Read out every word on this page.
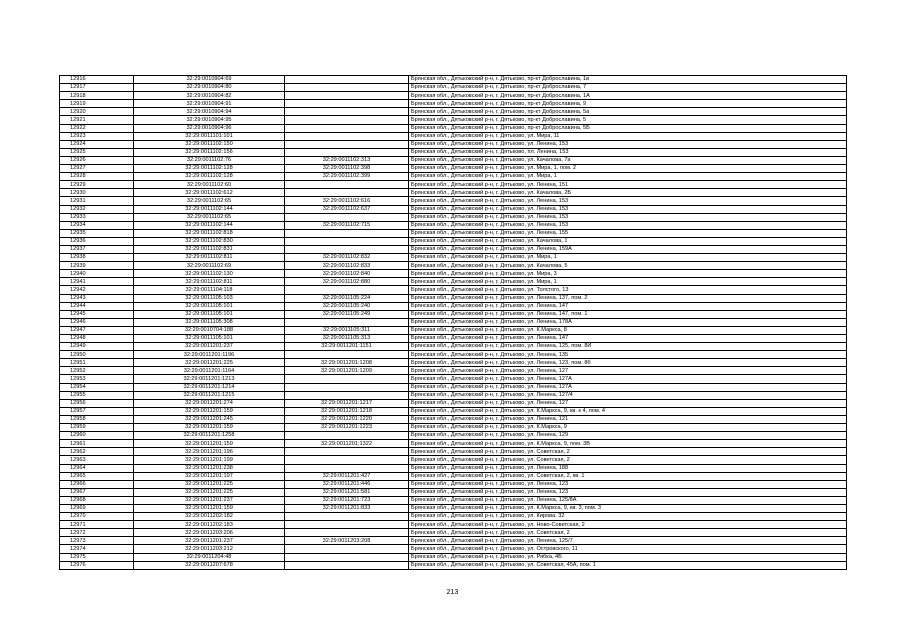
12916	32:29:0010904:69		Брянская обл., Дятьковский р-н, г. Дятьково, пр-кт Доброславина, 1в
12917	32:29:0010904:80		Брянская обл., Дятьковский р-н, г. Дятьково, пр-кт Доброславина, 7
12918	32:29:0010904:82		Брянская обл., Дятьковский р-н, г. Дятьково, пр-кт Доброславина, 1А
12919	32:29:0010904:91		Брянская обл., Дятьковский р-н, г. Дятьково, пр-кт Доброславина, 9
12920	32:29:0010904:94		Брянская обл., Дятьковский р-н, г. Дятьково, пр-кт Доброславина, 5а
12921	32:29:0010904:95		Брянская обл., Дятьковский р-н, г. Дятьково, пр-кт Доброславина, 5
12922	32:29:0010904:96		Брянская обл., Дятьковский р-н, г. Дятьково, пр-кт Доброславина, 5Б
12923	32:29:0011101:101		Брянская обл., Дятьковский р-н, г. Дятьково, ул. Мира, 11
12924	32:29:0011102:150		Брянская обл., Дятьковский р-н, г. Дятьково, ул. Ленина, 153
12925	32:29:0011102:156		Брянская обл., Дятьковский р-н, г. Дятьково, пл. Ленина, 153
12926	32:29:0011102:76	32:29:0011102:313	Брянская обл., Дятьковский р-н, г. Дятьково, ул. Качалова, 7а
12927	32:29:0011102:128	32:29:0011102:398	Брянская обл., Дятьковский р-н, г. Дятьково, ул. Мира, 1, пом. 2
12928	32:29:0011102:128	32:29:0011102:399	Брянская обл., Дятьковский р-н, г. Дятьково, ул. Мира, 1
12929	32:29:0011102:60		Брянская обл., Дятьковский р-н, г. Дятьково, ул. Ленина, 151
12930	32:29:0011102:612		Брянская обл., Дятьковский р-н, г. Дятьково, ул. Качалова, 2Б
12931	32:29:0011102:65	32:29:0011102:616	Брянская обл., Дятьковский р-н, г. Дятьково, ул. Ленина, 153
12932	32:29:0011102:144	32:29:0011102:637	Брянская обл., Дятьковский р-н, г. Дятьково, ул. Ленина, 153
12933	32:29:0011102:65		Брянская обл., Дятьковский р-н, г. Дятьково, ул. Ленина, 153
12934	32:29:0011102:144	32:29:0011102:715	Брянская обл., Дятьковский р-н, г. Дятьково, ул. Ленина, 153
12935	32:29:0011102:818		Брянская обл., Дятьковский р-н, г. Дятьково, ул. Ленина, 155
12936	32:29:0011102:830		Брянская обл., Дятьковский р-н, г. Дятьково, ул. Качалова, 1
12937	32:29:0011102:831		Брянская обл., Дятьковский р-н, г. Дятьково, ул. Ленина, 159А
12938	32:29:0011102:811	32:29:0011102:832	Брянская обл., Дятьковский р-н, г. Дятьково, ул. Мира, 1
12939	32:29:0011102:69	32:29:0011102:833	Брянская обл., Дятьковский р-н, г. Дятьково, ул. Качалова, 5
12940	32:29:0011102:130	32:29:0011102:840	Брянская обл., Дятьковский р-н, г. Дятьково, ул. Мира, 3
12941	32:29:0011102:811	32:29:0011102:880	Брянская обл., Дятьковский р-н, г. Дятьково, ул. Мира, 1
12942	32:29:0011104:118		Брянская обл., Дятьковский р-н, г. Дятьково, ул. Толстого, 13
12943	32:29:0011105:103	32:29:0011105:224	Брянская обл., Дятьковский р-н, г. Дятьково, ул. Ленина, 137, пом. 2
12944	32:29:0011105:101	32:29:0011105:240	Брянская обл., Дятьковский р-н, г. Дятьково, ул. Ленина, 147
12945	32:29:0011105:101	32:29:0011105:249	Брянская обл., Дятьковский р-н, г. Дятьково, ул. Ленина, 147, пом. 1
12946	32:29:0011105:308		Брянская обл., Дятьковский р-н, г. Дятьково, ул. Ленина, 178А
12947	32:29:0010704:188	32:29:0011105:311	Брянская обл., Дятьковский р-н, г. Дятьково, ул. К.Маркса, 8
12948	32:29:0011105:101	32:29:0011105:313	Брянская обл., Дятьковский р-н, г. Дятьково, ул. Ленина, 147
12949	32:29:0011201:237	32:29:0011201:1151	Брянская обл., Дятьковский р-н, г. Дятьково, ул. Ленина, 125, пом. 8И
12950	32:29:0011201:1196		Брянская обл., Дятьковский р-н, г. Дятьково, ул. Ленина, 135
12951	32:29:0011201:225	32:29:0011201:1208	Брянская обл., Дятьковский р-н, г. Дятьково, ул. Ленина, 123, пом. 8б
12952	32:29:0011201:1164	32:29:0011201:1209	Брянская обл., Дятьковский р-н, г. Дятьково, ул. Ленина, 127
12953	32:29:0011201:1213		Брянская обл., Дятьковский р-н, г. Дятьково, ул. Ленина, 127А
12954	32:29:0011201:1214		Брянская обл., Дятьковский р-н, г. Дятьково, ул. Ленина, 127А
12955	32:29:0011201:1215		Брянская обл., Дятьковский р-н, г. Дятьково, ул. Ленина, 127/4
12956	32:29:0011201:274	32:29:0011201:1217	Брянская обл., Дятьковский р-н, г. Дятьково, ул. Ленина, 127
12957	32:29:0011201:159	32:29:0011201:1218	Брянская обл., Дятьковский р-н, г. Дятьково, ул. К.Маркса, 9, кв. к 4, пом. 4
12958	32:29:0011201:245	32:29:0011201:1220	Брянская обл., Дятьковский р-н, г. Дятьково, ул. Ленина, 121
12959	32:29:0011201:159	32:29:0011201:1223	Брянская обл., Дятьковский р-н, г. Дятьково, ул. К.Маркса, 9
12960	32:29:0011201:1258		Брянская обл., Дятьковский р-н, г. Дятьково, ул. Ленина, 129
12961	32:29:0011201:159	32:29:0011201:1322	Брянская обл., Дятьковский р-н, г. Дятьково, ул. К.Маркса, 9, пом. 3В
12962	32:29:0011201:196		Брянская обл., Дятьковский р-н, г. Дятьково, ул. Советская, 2
12963	32:29:0011201:199		Брянская обл., Дятьковский р-н, г. Дятьково, ул. Советская, 2
12964	32:29:0011201:238		Брянская обл., Дятьковский р-н, г. Дятьково, ул. Ленина, 188
12965	32:29:0011201:197	32:29:0011201:427	Брянская обл., Дятьковский р-н, г. Дятьково, ул. Советская, 2, кв. 1
12966	32:29:0011201:225	32:29:0011201:446	Брянская обл., Дятьковский р-н, г. Дятьково, ул. Ленина, 123
12967	32:29:0011201:225	32:29:0011201:581	Брянская обл., Дятьковский р-н, г. Дятьково, ул. Ленина, 123
12968	32:29:0011201:237	32:29:0011201:723	Брянская обл., Дятьковский р-н, г. Дятьково, ул. Ленина, 125/8А
12969	32:29:0011201:159	32:29:0011201:833	Брянская обл., Дятьковский р-н, г. Дятьково, ул. К.Маркса, 9, кв. 3, пом. 3
12970	32:29:0011202:182		Брянская обл., Дятьковский р-н, г. Дятьково, ул. Кирова, 32
12971	32:29:0011202:183		Брянская обл., Дятьковский р-н, г. Дятьково, ул. Ново-Советская, 2
12972	32:29:0011203:206		Брянская обл., Дятьковский р-н, г. Дятьково, ул. Советская, 2
12973	32:29:0011201:237	32:29:0011203:208	Брянская обл., Дятьковский р-н, г. Дятьково, ул. Ленина, 125/7
12974	32:29:0011203:212		Брянская обл., Дятьковский р-н, г. Дятьково, ул. Островского, 11
12975	32:29:0011204:48		Брянская обл., Дятьковский р-н, г. Дятьково, ул. Рябка, 4Б
12976	32:29:0011207:678		Брянская обл., Дятьковский р-н, г. Дятьково, ул. Советская, 45А, пом. 1
213
